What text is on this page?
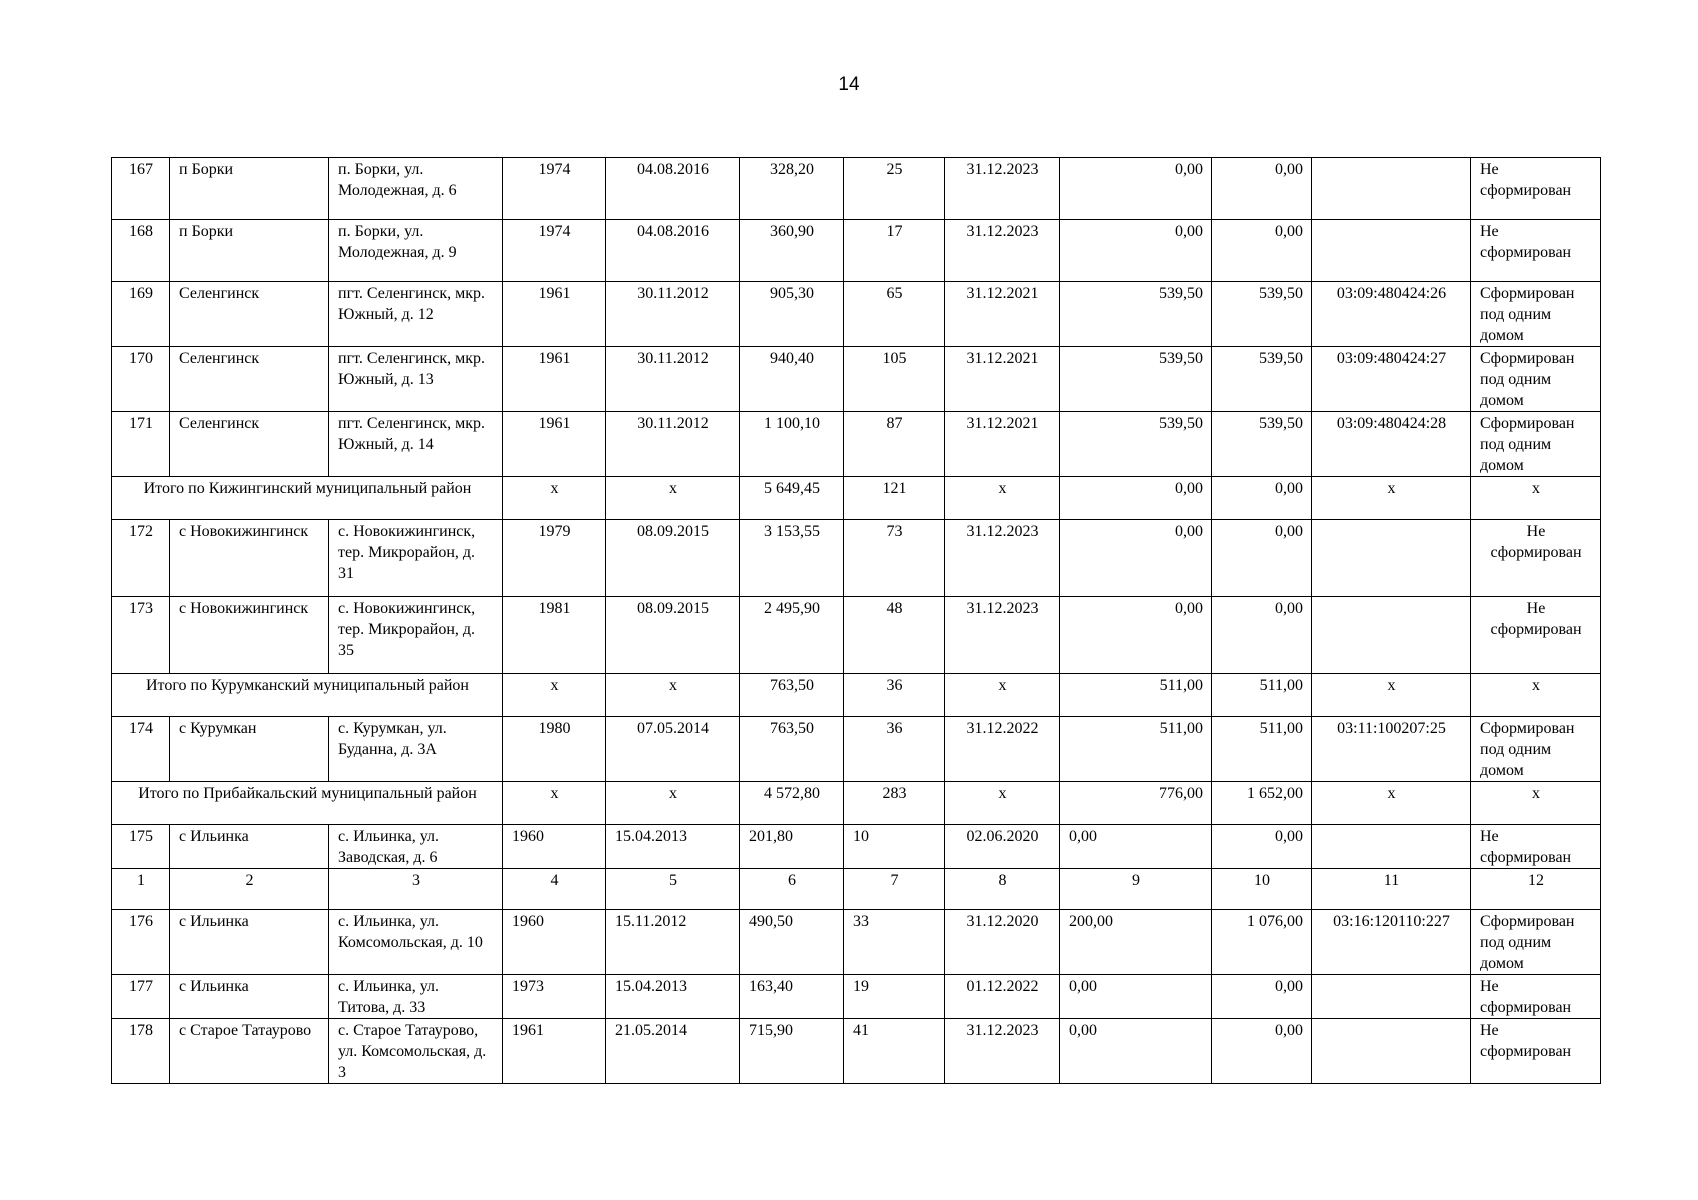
14
167	п Борки	п. Борки, ул. Молодежная, д. 6	1974	04.08.2016	328,20	25	31.12.2023	0,00	0,00		Не сформирован
168	п Борки	п. Борки, ул. Молодежная, д. 9	1974	04.08.2016	360,90	17	31.12.2023	0,00	0,00		Не сформирован
169	Селенгинск	пгт. Селенгинск, мкр. Южный, д. 12	1961	30.11.2012	905,30	65	31.12.2021	539,50	539,50	03:09:480424:26	Сформирован под одним домом
170	Селенгинск	пгт. Селенгинск, мкр. Южный, д. 13	1961	30.11.2012	940,40	105	31.12.2021	539,50	539,50	03:09:480424:27	Сформирован под одним домом
171	Селенгинск	пгт. Селенгинск, мкр. Южный, д. 14	1961	30.11.2012	1 100,10	87	31.12.2021	539,50	539,50	03:09:480424:28	Сформирован под одним домом
Итого по Кижингинский муниципальный район			х	х	5 649,45	121	х	0,00	0,00	х	х
172	с Новокижингинск	с. Новокижингинск, тер. Микрорайон, д. 31	1979	08.09.2015	3 153,55	73	31.12.2023	0,00	0,00		Не сформирован
173	с Новокижингинск	с. Новокижингинск, тер. Микрорайон, д. 35	1981	08.09.2015	2 495,90	48	31.12.2023	0,00	0,00		Не сформирован
Итого по Курумканский муниципальный район			х	х	763,50	36	х	511,00	511,00	х	х
174	с Курумкан	с. Курумкан, ул. Буданна, д. 3А	1980	07.05.2014	763,50	36	31.12.2022	511,00	511,00	03:11:100207:25	Сформирован под одним домом
Итого по Прибайкальский муниципальный район			х	х	4 572,80	283	х	776,00	1 652,00	х	х
175	с Ильинка	с. Ильинка, ул. Заводская, д. 6	1960	15.04.2013	201,80	10	02.06.2020	0,00	0,00		Не сформирован
1	2	3	4	5	6	7	8	9	10	11	12
176	с Ильинка	с. Ильинка, ул. Комсомольская, д. 10	1960	15.11.2012	490,50	33	31.12.2020	200,00	1 076,00	03:16:120110:227	Сформирован под одним домом
177	с Ильинка	с. Ильинка, ул. Титова, д. 33	1973	15.04.2013	163,40	19	01.12.2022	0,00	0,00		Не сформирован
178	с Старое Татаурово	с. Старое Татаурово, ул. Комсомольская, д. 3	1961	21.05.2014	715,90	41	31.12.2023	0,00	0,00		Не сформирован
